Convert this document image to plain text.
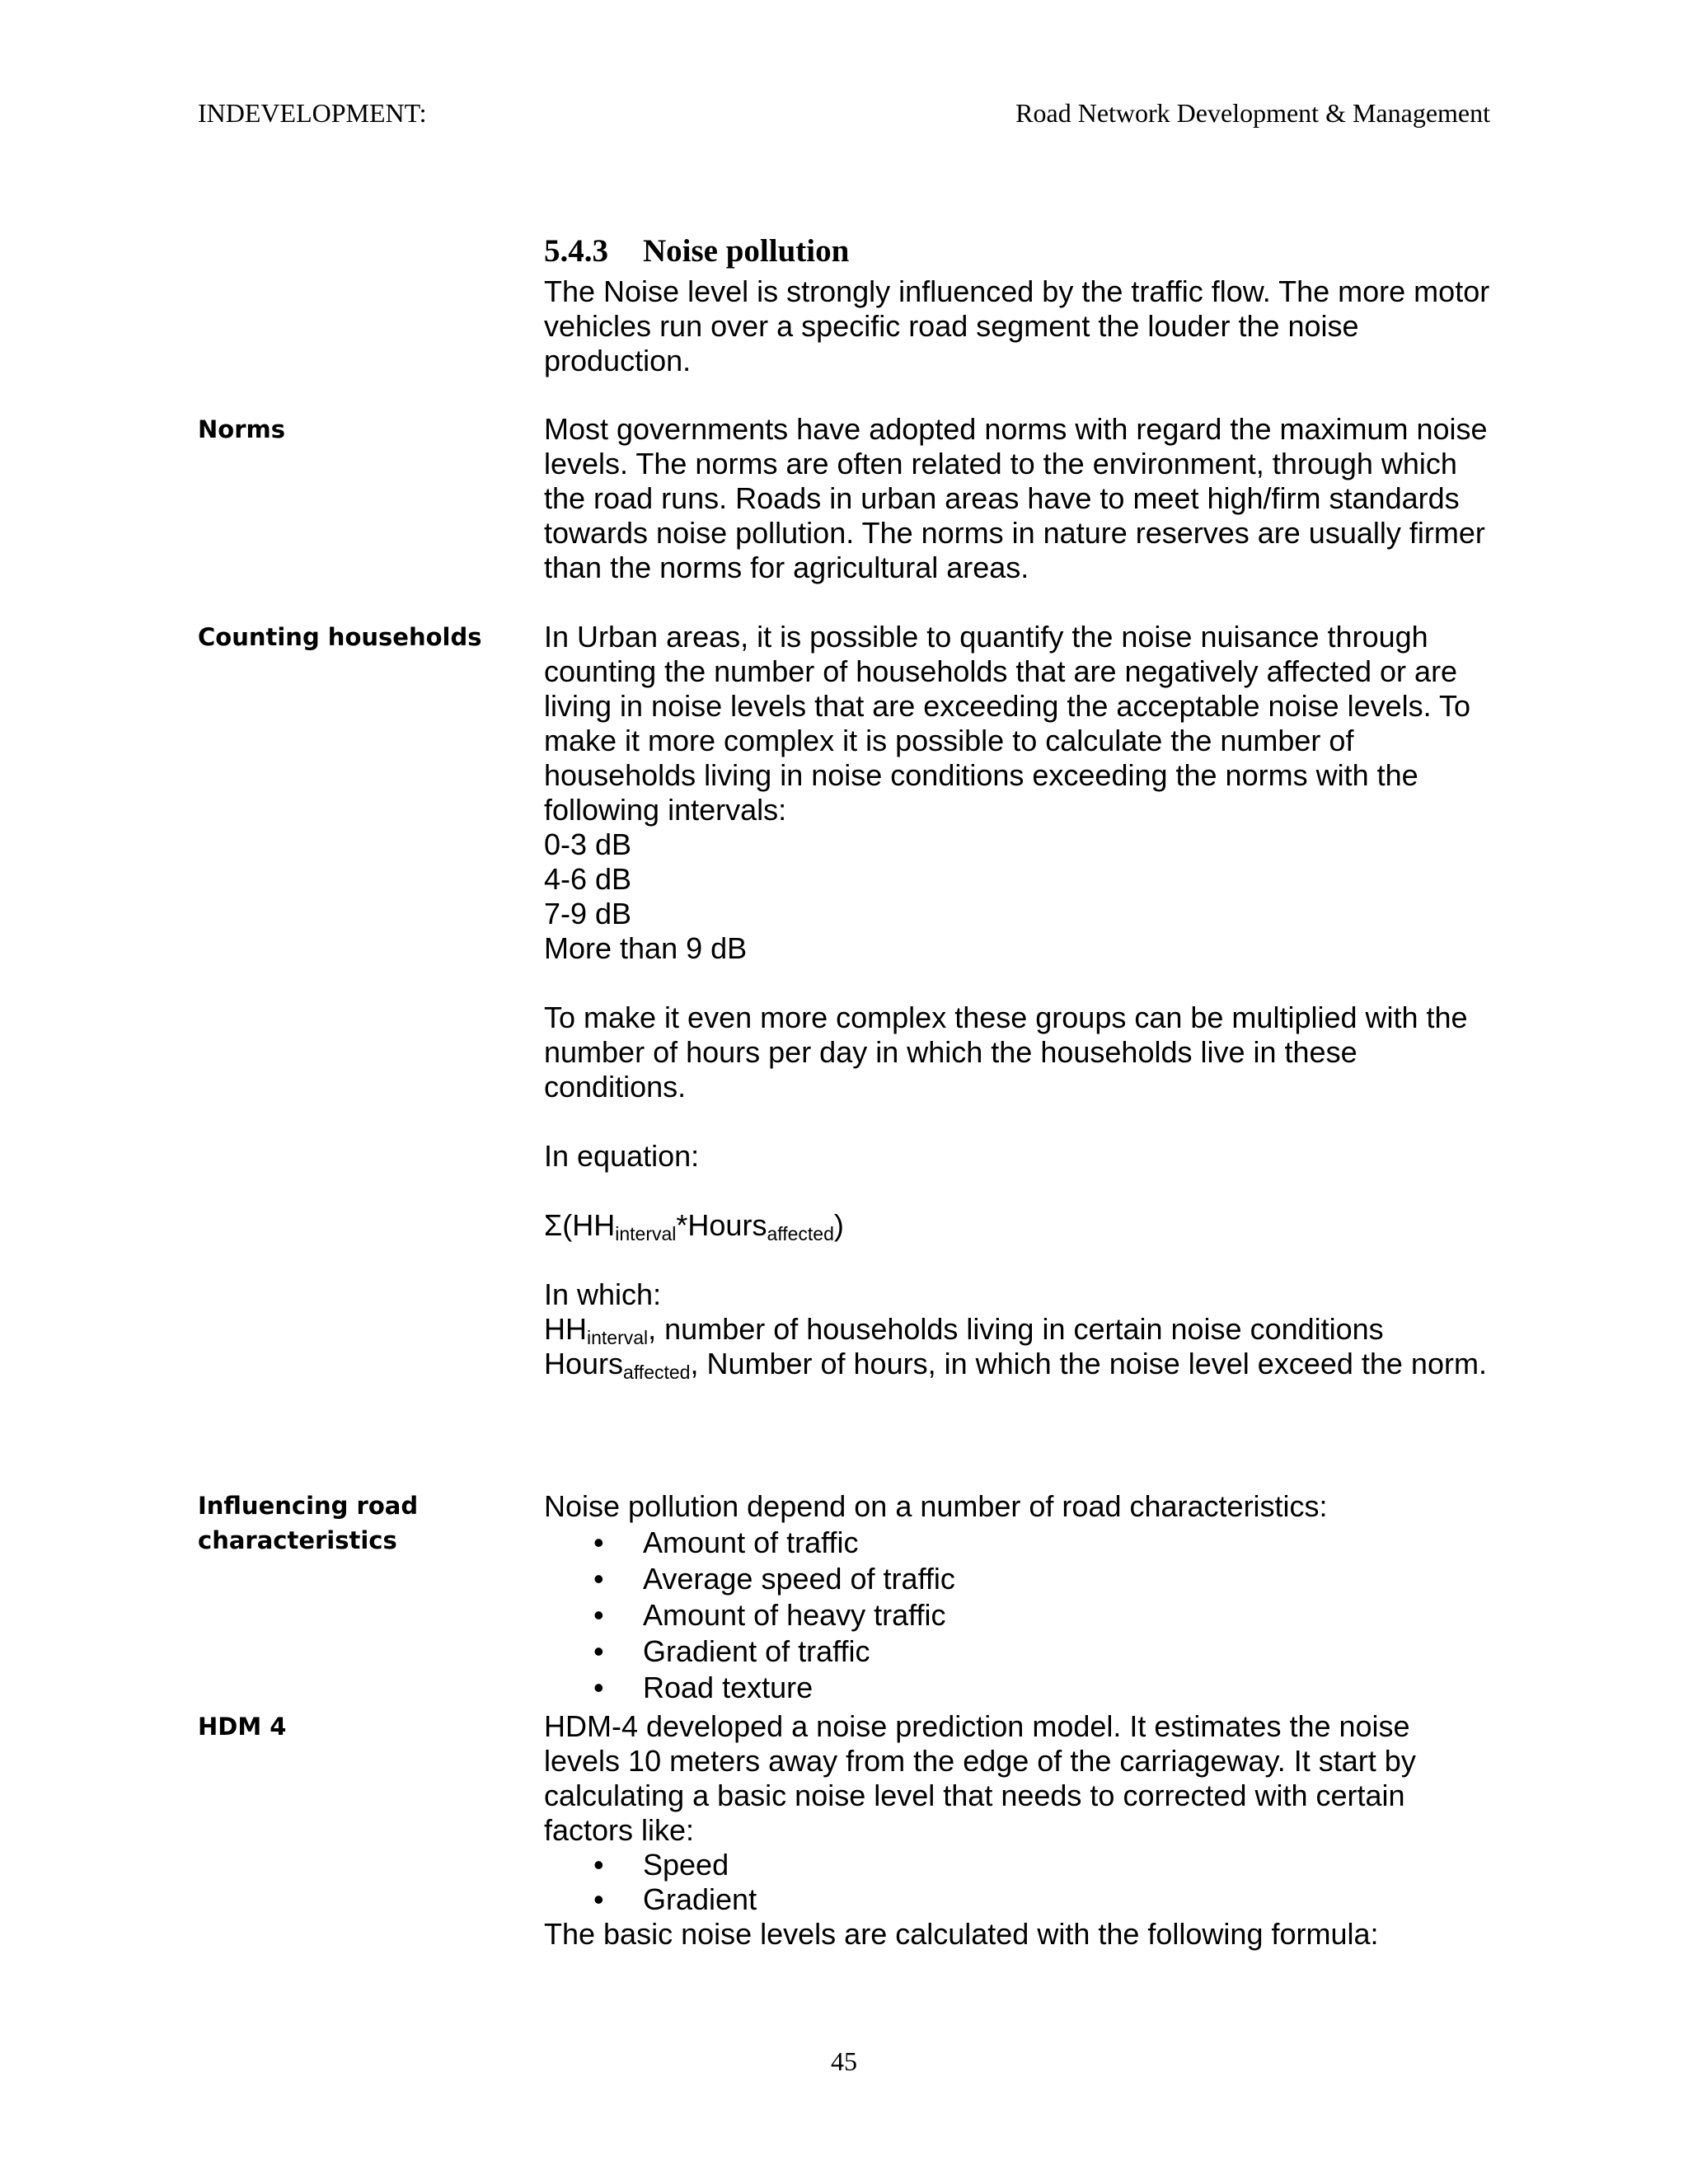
INDEVELOPMENT:	Road Network Development & Management
5.4.3 Noise pollution

The Noise level is strongly influenced by the traffic flow. The more motor vehicles run over a specific road segment the louder the noise production.

Norms	Most governments have adopted norms with regard the maximum noise levels. The norms are often related to the environment, through which the road runs. Roads in urban areas have to meet high/firm standards towards noise pollution. The norms in nature reserves are usually firmer than the norms for agricultural areas.

Counting households In Urban areas, it is possible to quantify the noise nuisance through counting the number of households that are negatively affected or are living in noise levels that are exceeding the acceptable noise levels. To make it more complex it is possible to calculate the number of households living in noise conditions exceeding the norms with the following intervals:

0-3 dB

4-6 dB

7-9 dB

More than 9 dB

To make it even more complex these groups can be multiplied with the number of hours per day in which the households live in these conditions.

In equation:

$\Sigma(HH_{interval}*Hours_{affected})$

In which:

$HH_{interval}$, number of households living in certain noise conditions

Hours$_{affected}$, Number of hours, in which the noise level exceed the norm.

Influencing road
characteristics

Noise pollution depend on a number of road characteristics:

• Amount of traffic
• Average speed of traffic
• Amount of heavy traffic
• Gradient of traffic
• Road texture
HDM 4	HDM-4 developed a noise prediction model. It estimates the noise levels 10 meters away from the edge of the carriageway. It start by calculating a basic noise level that needs to corrected with certain factors like:

• Speed
• Gradient

The basic noise levels are calculated with the following formula:

45
